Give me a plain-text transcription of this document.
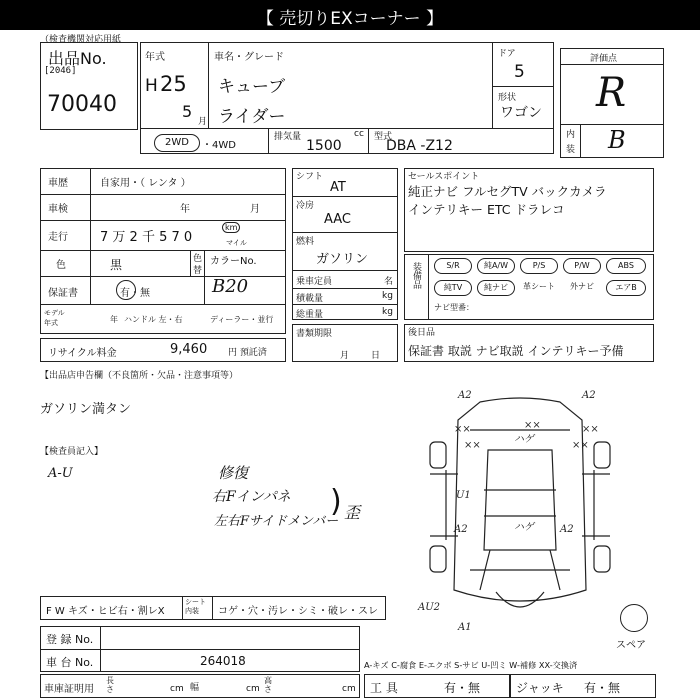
【 売切りEXコーナー 】
（検査機関対応用紙
出品No.
[2046]
70040
年式
H 25
5
月
車名・グレード
キューブ
ライダー
ドア
5
形状
ワゴン
2WD	・4WD
排気量	cc
1500
型式
DBA -Z12
評価点
R
内
装 B
車歴	自家用・（ レンタ ）
車検	年	月
走行 7 万 2 千 5 7 0
km
マイル
色	黒	色
替
カラーNo.
B20
保証書	有・無
モデル
年式	年 ハンドル 左・右	ディーラー・並行
リサイクル料金	9,460 円 預託済
シフト
AT
冷房
AAC
燃料
ガソリン
乗車定員	名
積載量	kg
総重量	kg
書類期限
月日
セールスポイント
純正ナビ フルセグTV バックカメラ
インテリキー ETC ドラレコ
装備品	S/R	純A/W	P/S	P/W	ABS
純TV	純ナビ	革シート	外ナビ	エアB
ナビ型番：
後日品
保証書 取説 ナビ取説 インテリキー予備
【出品店申告欄（不良箇所・欠品・注意事項等）
ガソリン満タン
【検査員記入】
A-U	修復
右Fインパネ
左右Fサイドメンバー
) 歪
F W キズ・ヒビ右・割レX
シート内装	コゲ・穴・汚レ・シミ・破レ・スレ
登 録 No.
車 台 No.	264018
車庫証明用
長さ	cm 幅	cm
高さ	cm
A-キズ C-腐食 E-エクボ S-サビ U-凹ミ W-補修 XX-交換済
工 具	有・無	ジャッキ 有・無
スペア
A2	A2
××	××	××
××	××
ハゲ
U1
A2	ハゲ	A2
AU2
A1
